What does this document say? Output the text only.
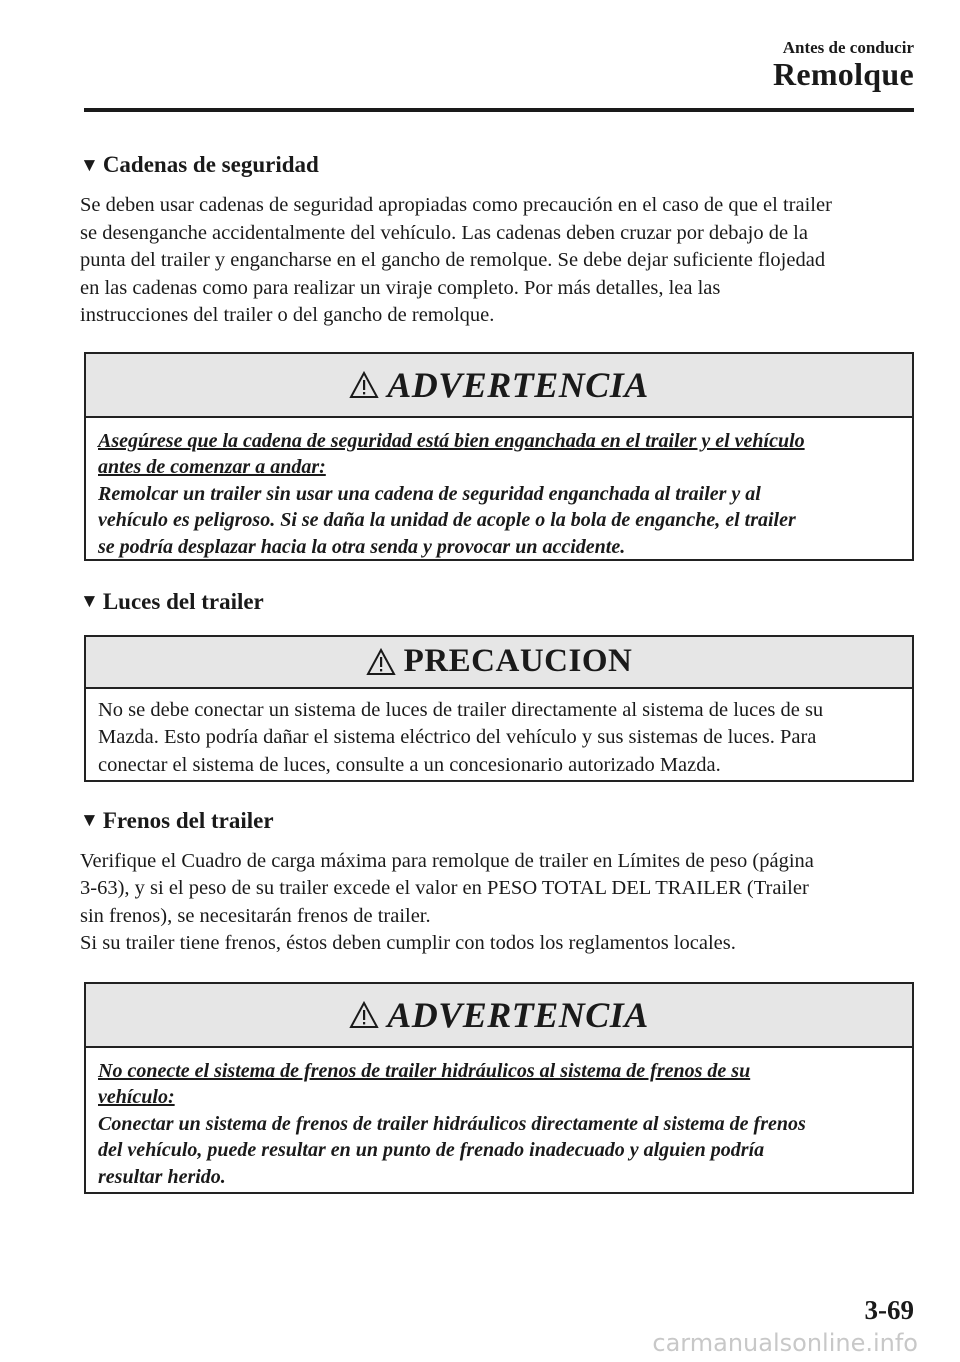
Antes de conducir
Remolque
▼ Cadenas de seguridad

Se deben usar cadenas de seguridad apropiadas como precaución en el caso de que el trailer
se desenganche accidentalmente del vehículo. Las cadenas deben cruzar por debajo de la
punta del trailer y engancharse en el gancho de remolque. Se debe dejar suficiente flojedad
en las cadenas como para realizar un viraje completo. Por más detalles, lea las
instrucciones del trailer o del gancho de remolque.

ADVERTENCIA

Asegúrese que la cadena de seguridad está bien enganchada en el trailer y el vehículo
antes de comenzar a andar:

Remolcar un trailer sin usar una cadena de seguridad enganchada al trailer y al
vehículo es peligroso. Si se daña la unidad de acople o la bola de enganche, el trailer
se podría desplazar hacia la otra senda y provocar un accidente.

▼ Luces del trailer
PRECAUCION

No se debe conectar un sistema de luces de trailer directamente al sistema de luces de su
Mazda. Esto podría dañar el sistema eléctrico del vehículo y sus sistemas de luces. Para
conectar el sistema de luces, consulte a un concesionario autorizado Mazda.

▼ Frenos del trailer

Verifique el Cuadro de carga máxima para remolque de trailer en Límites de peso (página
3-63), y si el peso de su trailer excede el valor en PESO TOTAL DEL TRAILER (Trailer
sin frenos), se necesitarán frenos de trailer.
Si su trailer tiene frenos, éstos deben cumplir con todos los reglamentos locales.

ADVERTENCIA

No conecte el sistema de frenos de trailer hidráulicos al sistema de frenos de su
vehículo:

Conectar un sistema de frenos de trailer hidráulicos directamente al sistema de frenos
del vehículo, puede resultar en un punto de frenado inadecuado y alguien podría
resultar herido.

3-69
carmanualsonline.info
